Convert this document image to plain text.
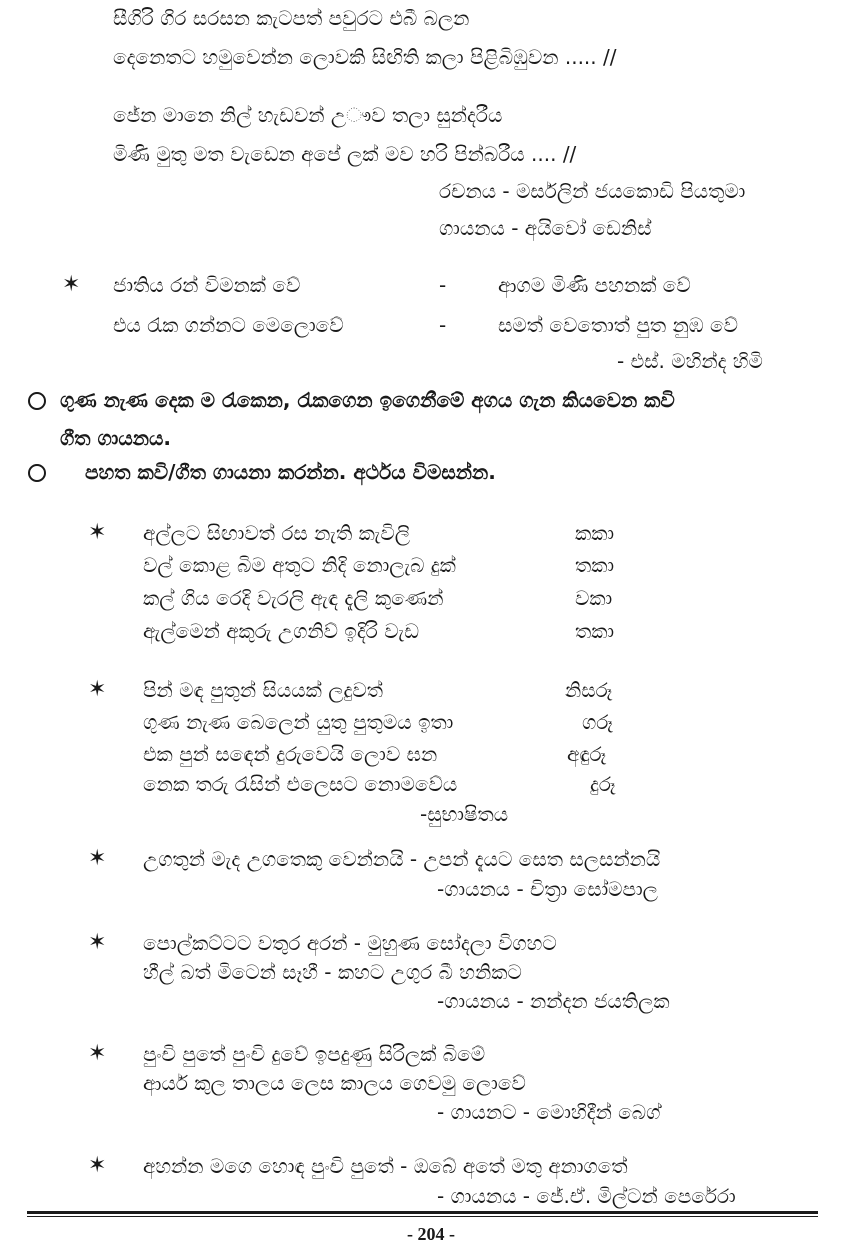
සීගිරි ගිර සරසන කැටපත් පවුරට එබී බලන
දෙනෙතට හමුවෙන්න ලොවකි සිඟිති කලා පිළිබිඹුවන ..... //
ජේන මානෙ නිල් හැඩවන් උෟව තලා සුන්දරීය
මිණි මුතු මත වැඩෙන අපේ ලක් මව හරි පින්බරීය .... //
රචනය - මර්සලින් ජයකොඩි පියතුමා
ගායනය - අයිවෝ ඩෙනිස්
✶ ජාතිය රන් විමනක් වේ	-	ආගම මිණි පහනක් වේ
එය රැක ගන්නට මෙලොවේ	-	සමත් වෙතොත් පුත නුඹ වේ
- එස්. මහින්ද හිමි
ගුණ නැණ දෙක ම රැකෙන, රැකගෙන ඉගෙනීමේ අගය ගැන කියවෙන කවි
ගීත ගායනය.
පහත කවි/ගීත ගායනා කරන්න. අර්ථය විමසන්න.
✶ අල්ලට සිඟාවත් රස නැති කැවිලි	කකා
වල් කොළ බිම අතුට නිදි නොලැබ දුක්	තකා
කල් ගිය රෙදි වැරලි ඇඳ දැලි කුණෙන්	වකා
ඇල්මෙන් අකුරු උගනිව් ඉදිරි වැඩ	තකා
✶ පින් මඳ පුතුන් සියයක් ලදුවත්	නිසරූ
ගුණ නැණ බෙලෙන් යුතු පුතුමය ඉතා	ගරූ
එක පුන් සඳෙන් දුරුවෙයි ලොව ඝන	අඳුරූ
නෙක තරු රැසින් එලෙසට නොමවේය	දුරූ
-සුභාෂිතය
✶ උගතුන් මැද උගතෙකු වෙන්නයි - උපන් දැයට සෙත සලසන්නයි
-ගායනය - චිත්‍රා සෝමපාල
✶ පොල්කට්ටට වතුර අරන් - මුහුණ සෝදලා විගහට
හීල් බත් මිටෙන් සෑහී - කහට උගුර බී හනිකට
-ගායනය - නන්දන ජයතිලක
✶ පුංචි පුතේ පුංචි දුවේ ඉපදුණු සිරිලක් බිමේ
ආර්ය කුල තාලය ලෙස කාලය ගෙවමු ලොවේ
- ගායනට - මොහිදීන් බෙග්
✶ අහන්න මගෙ හොඳ පුංචි පුතේ - ඔබේ අතේ මතු අනාගතේ
- ගායනය - ජේ.ඒ. මිල්ටන් පෙරේරා
- 204 -
